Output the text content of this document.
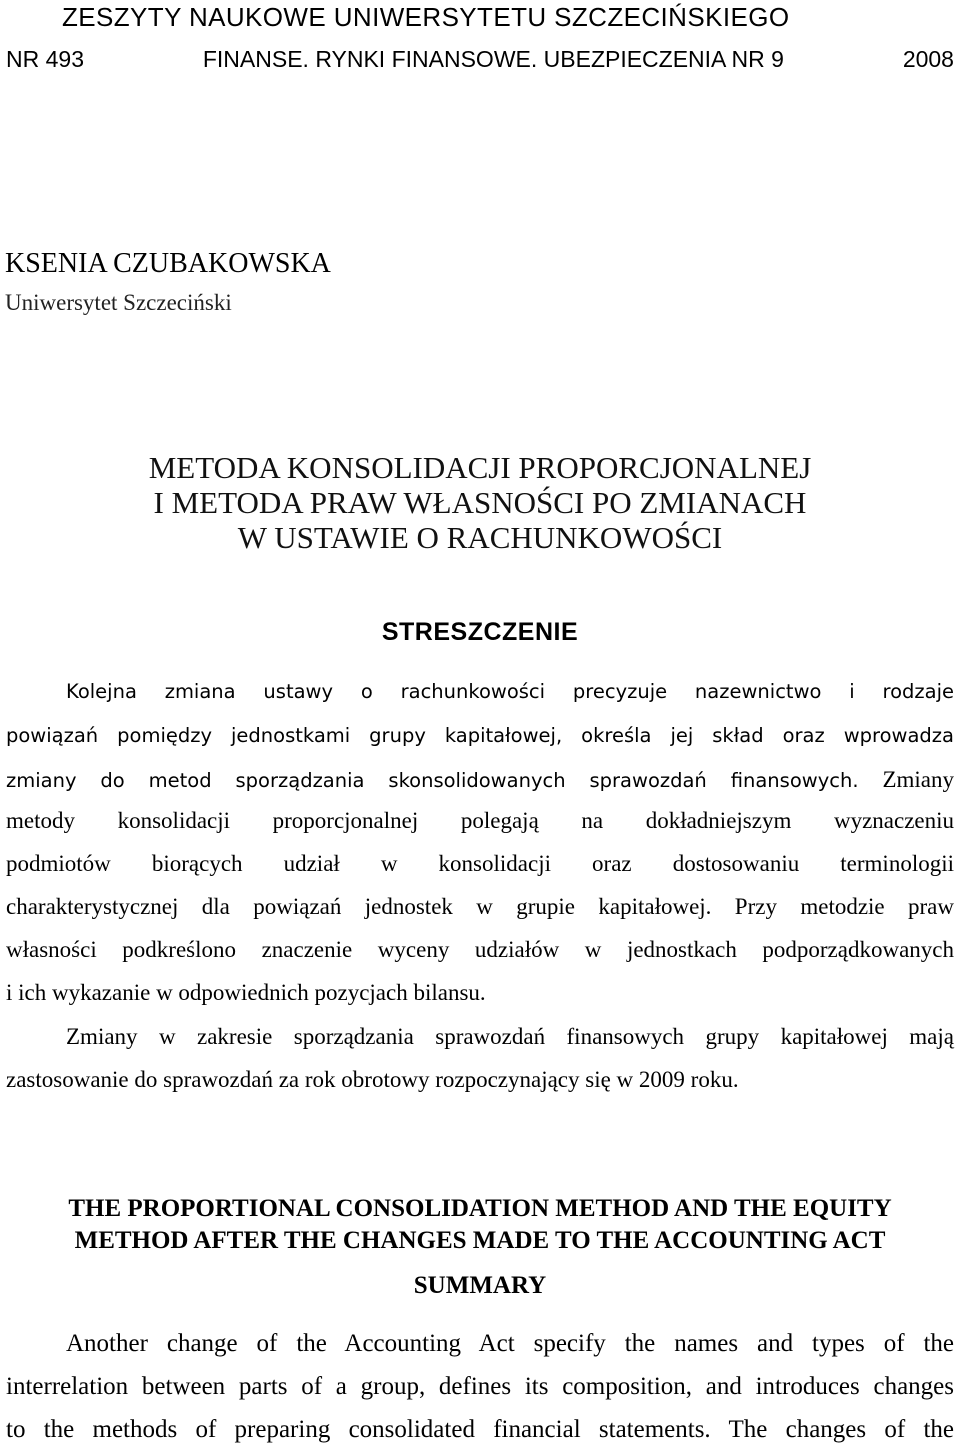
ZESZYTY NAUKOWE UNIWERSYTETU SZCZECIŃSKIEGO
NR 493	FINANSE. RYNKI FINANSOWE. UBEZPIECZENIA NR 9	2008
KSENIA CZUBAKOWSKA
Uniwersytet Szczeciński
METODA KONSOLIDACJI PROPORCJONALNEJ
I METODA PRAW WŁASNOŚCI PO ZMIANACH
W USTAWIE O RACHUNKOWOŚCI
STRESZCZENIE
Kolejna zmiana ustawy o rachunkowości precyzuje nazewnictwo i rodzaje
powiązań pomiędzy jednostkami grupy kapitałowej, określa jej skład oraz wprowadza
zmiany do metod sporządzania skonsolidowanych sprawozdań finansowych. Zmiany
metody konsolidacji proporcjonalnej polegają na dokładniejszym wyznaczeniu
podmiotów biorących udział w konsolidacji oraz dostosowaniu terminologii
charakterystycznej dla powiązań jednostek w grupie kapitałowej. Przy metodzie praw
własności podkreślono znaczenie wyceny udziałów w jednostkach podporządkowanych
i ich wykazanie w odpowiednich pozycjach bilansu.
Zmiany w zakresie sporządzania sprawozdań finansowych grupy kapitałowej mają
zastosowanie do sprawozdań za rok obrotowy rozpoczynający się w 2009 roku.
THE PROPORTIONAL CONSOLIDATION METHOD AND THE EQUITY
METHOD AFTER THE CHANGES MADE TO THE ACCOUNTING ACT
SUMMARY
Another change of the Accounting Act specify the names and types of the
interrelation between parts of a group, defines its composition, and introduces changes
to the methods of preparing consolidated financial statements. The changes of the
